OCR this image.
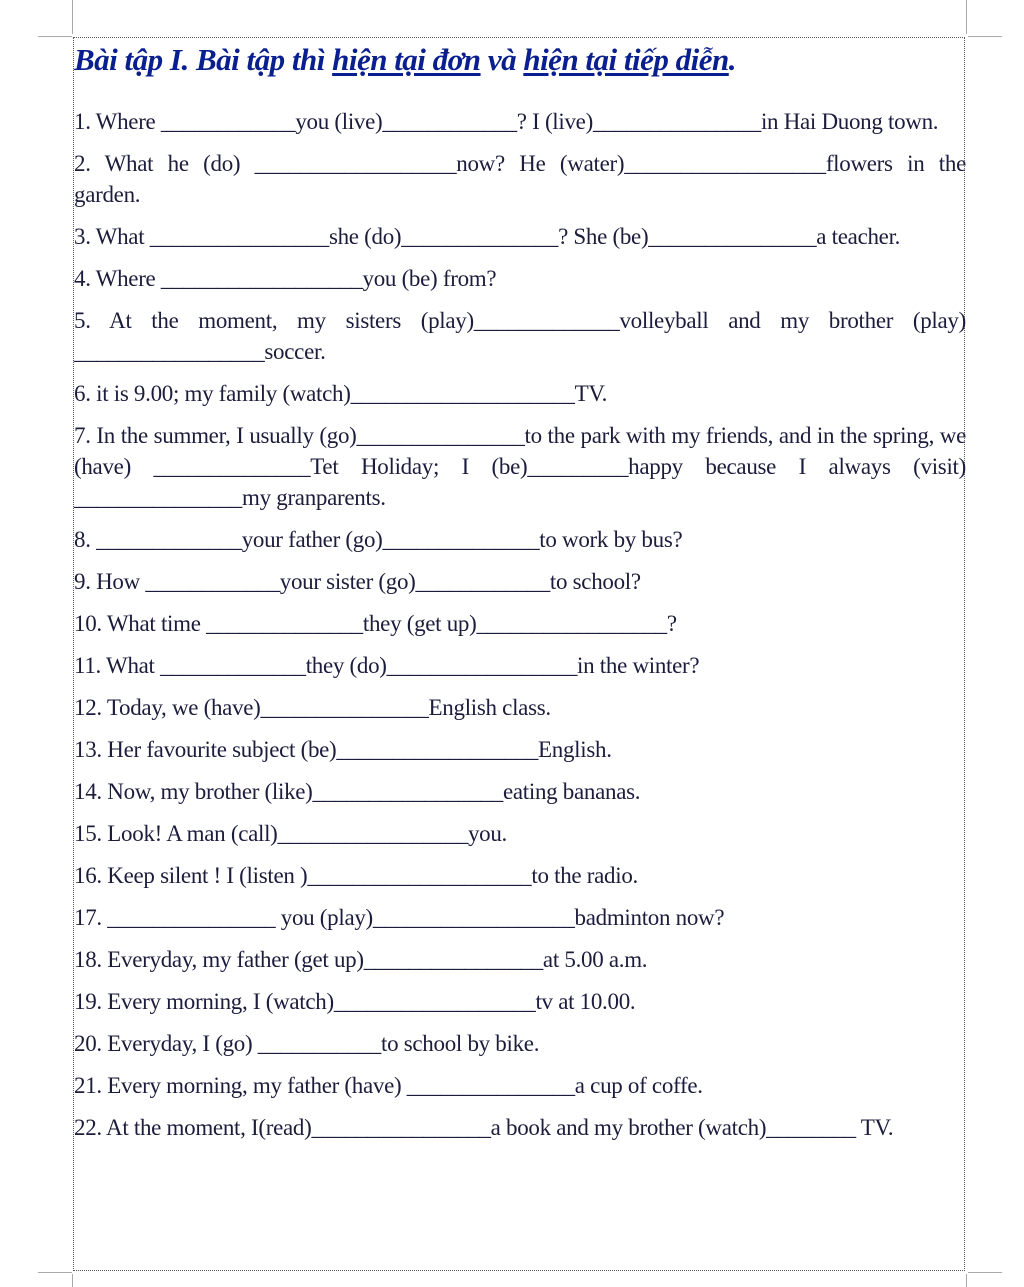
Bài tập I. Bài tập thì hiện tại đơn và hiện tại tiếp diễn.
1. Where ____________you (live)____________? I (live)_______________in Hai Duong town.
2. What he (do) __________________now? He (water)__________________flowers in the garden.
3. What ________________she (do)______________? She (be)_______________a teacher.
4. Where __________________you (be) from?
5. At the moment, my sisters (play)_____________volleyball and my brother (play) _________________soccer.
6. it is 9.00; my family (watch)____________________TV.
7. In the summer, I usually (go)_______________to the park with my friends, and in the spring, we (have) ______________Tet Holiday; I (be)_________happy because I always (visit) _______________my granparents.
8. _____________your father (go)______________to work by bus?
9. How ____________your sister (go)____________to school?
10. What time ______________they (get up)_________________?
11. What _____________they (do)_________________in the winter?
12. Today, we (have)_______________English class.
13. Her favourite subject (be)__________________English.
14. Now, my brother (like)_________________eating bananas.
15. Look! A man (call)_________________you.
16. Keep silent ! I (listen )____________________to the radio.
17. _______________ you (play)__________________badminton now?
18. Everyday, my father (get up)________________at 5.00 a.m.
19. Every morning, I (watch)__________________tv at 10.00.
20. Everyday, I (go) ___________to school by bike.
21. Every morning, my father (have) _______________a cup of coffe.
22. At the moment, I(read)________________a book and my brother (watch)________ TV.
